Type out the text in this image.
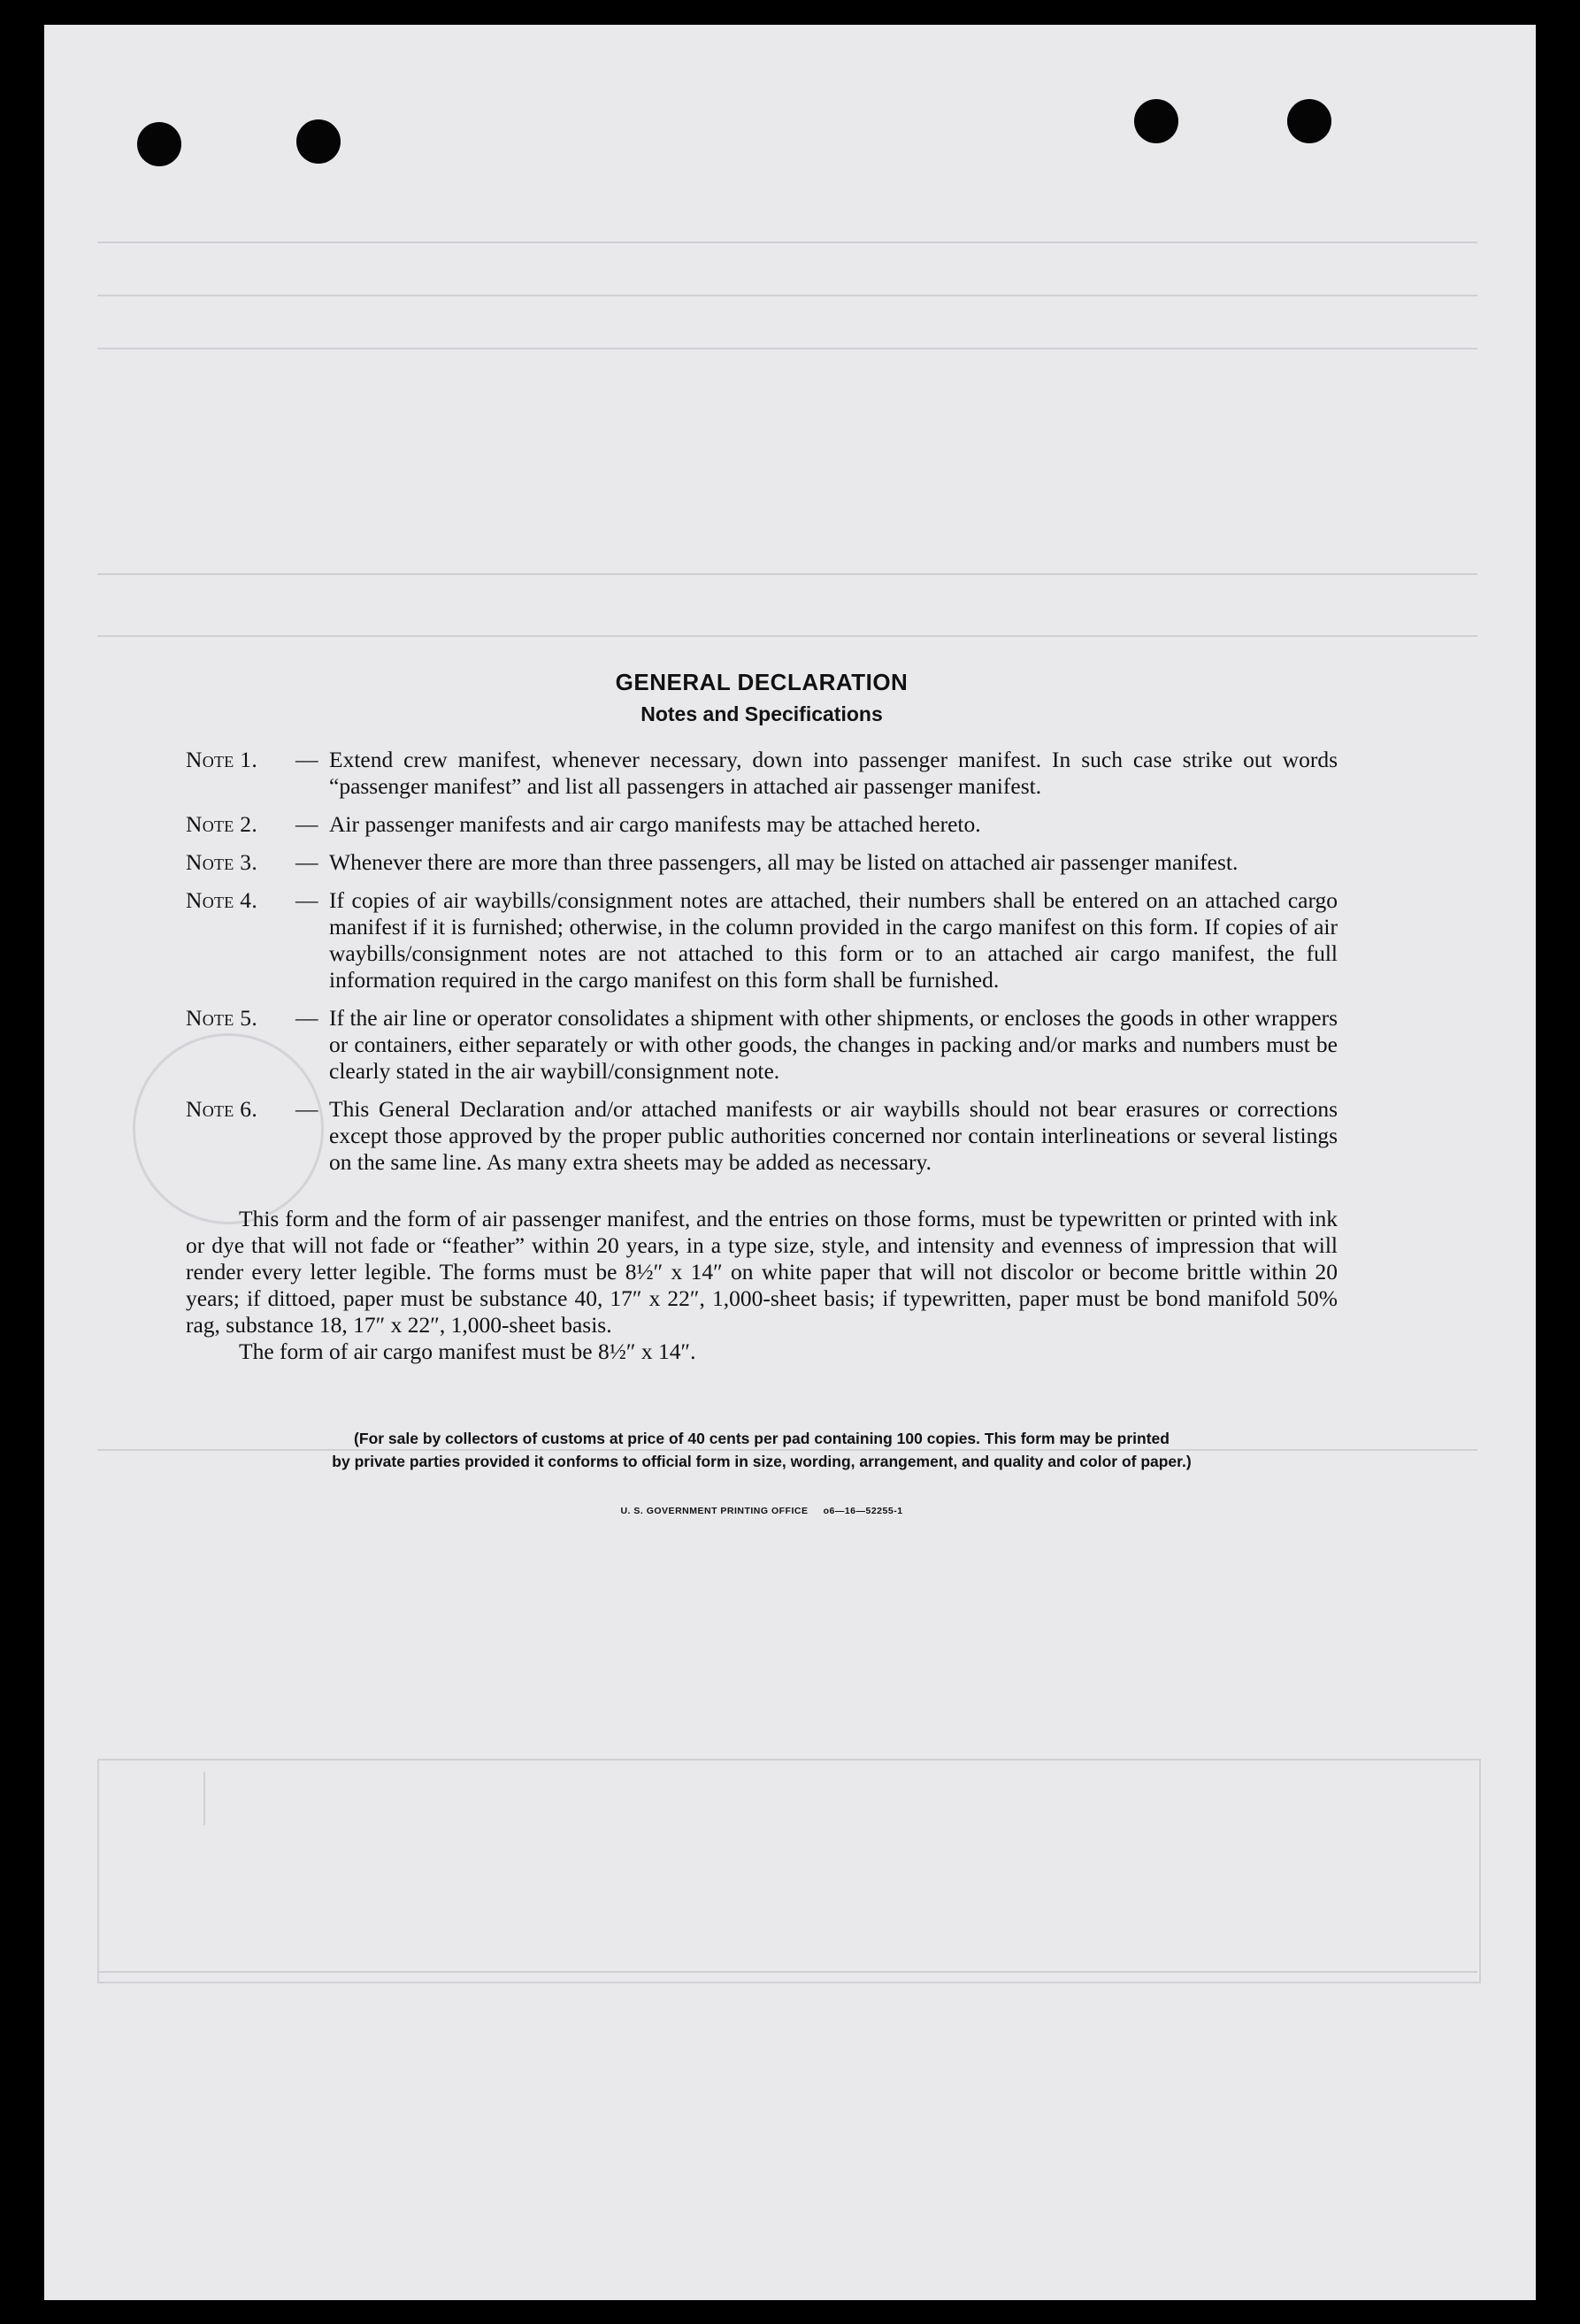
GENERAL DECLARATION
Notes and Specifications
Note 1.	— Extend crew manifest, whenever necessary, down into passenger manifest. In such case strike out words “passenger manifest” and list all passengers in attached air passenger manifest.
Note 2.	— Air passenger manifests and air cargo manifests may be attached hereto.
Note 3.	— Whenever there are more than three passengers, all may be listed on attached air passenger manifest.
Note 4.	— If copies of air waybills/consignment notes are attached, their numbers shall be entered on an attached cargo manifest if it is furnished; otherwise, in the column provided in the cargo manifest on this form. If copies of air waybills/consignment notes are not attached to this form or to an attached air cargo manifest, the full information required in the cargo manifest on this form shall be furnished.
Note 5.	— If the air line or operator consolidates a shipment with other shipments, or encloses the goods in other wrappers or containers, either separately or with other goods, the changes in packing and/or marks and numbers must be clearly stated in the air waybill/consignment note.
Note 6.	— This General Declaration and/or attached manifests or air waybills should not bear erasures or corrections except those approved by the proper public authorities concerned nor contain interlineations or several listings on the same line. As many extra sheets may be added as necessary.

This form and the form of air passenger manifest, and the entries on those forms, must be typewritten or printed with ink or dye that will not fade or “feather” within 20 years, in a type size, style, and intensity and evenness of impression that will render every letter legible. The forms must be 8½″ x 14″ on white paper that will not discolor or become brittle within 20 years; if dittoed, paper must be substance 40, 17″ x 22″, 1,000-sheet basis; if typewritten, paper must be bond manifold 50% rag, substance 18, 17″ x 22″, 1,000-sheet basis.

The form of air cargo manifest must be 8½″ x 14″.

(For sale by collectors of customs at price of 40 cents per pad containing 100 copies. This form may be printed
by private parties provided it conforms to official form in size, wording, arrangement, and quality and color of paper.)
U. S. GOVERNMENT PRINTING OFFICE     o6—16—52255-1
